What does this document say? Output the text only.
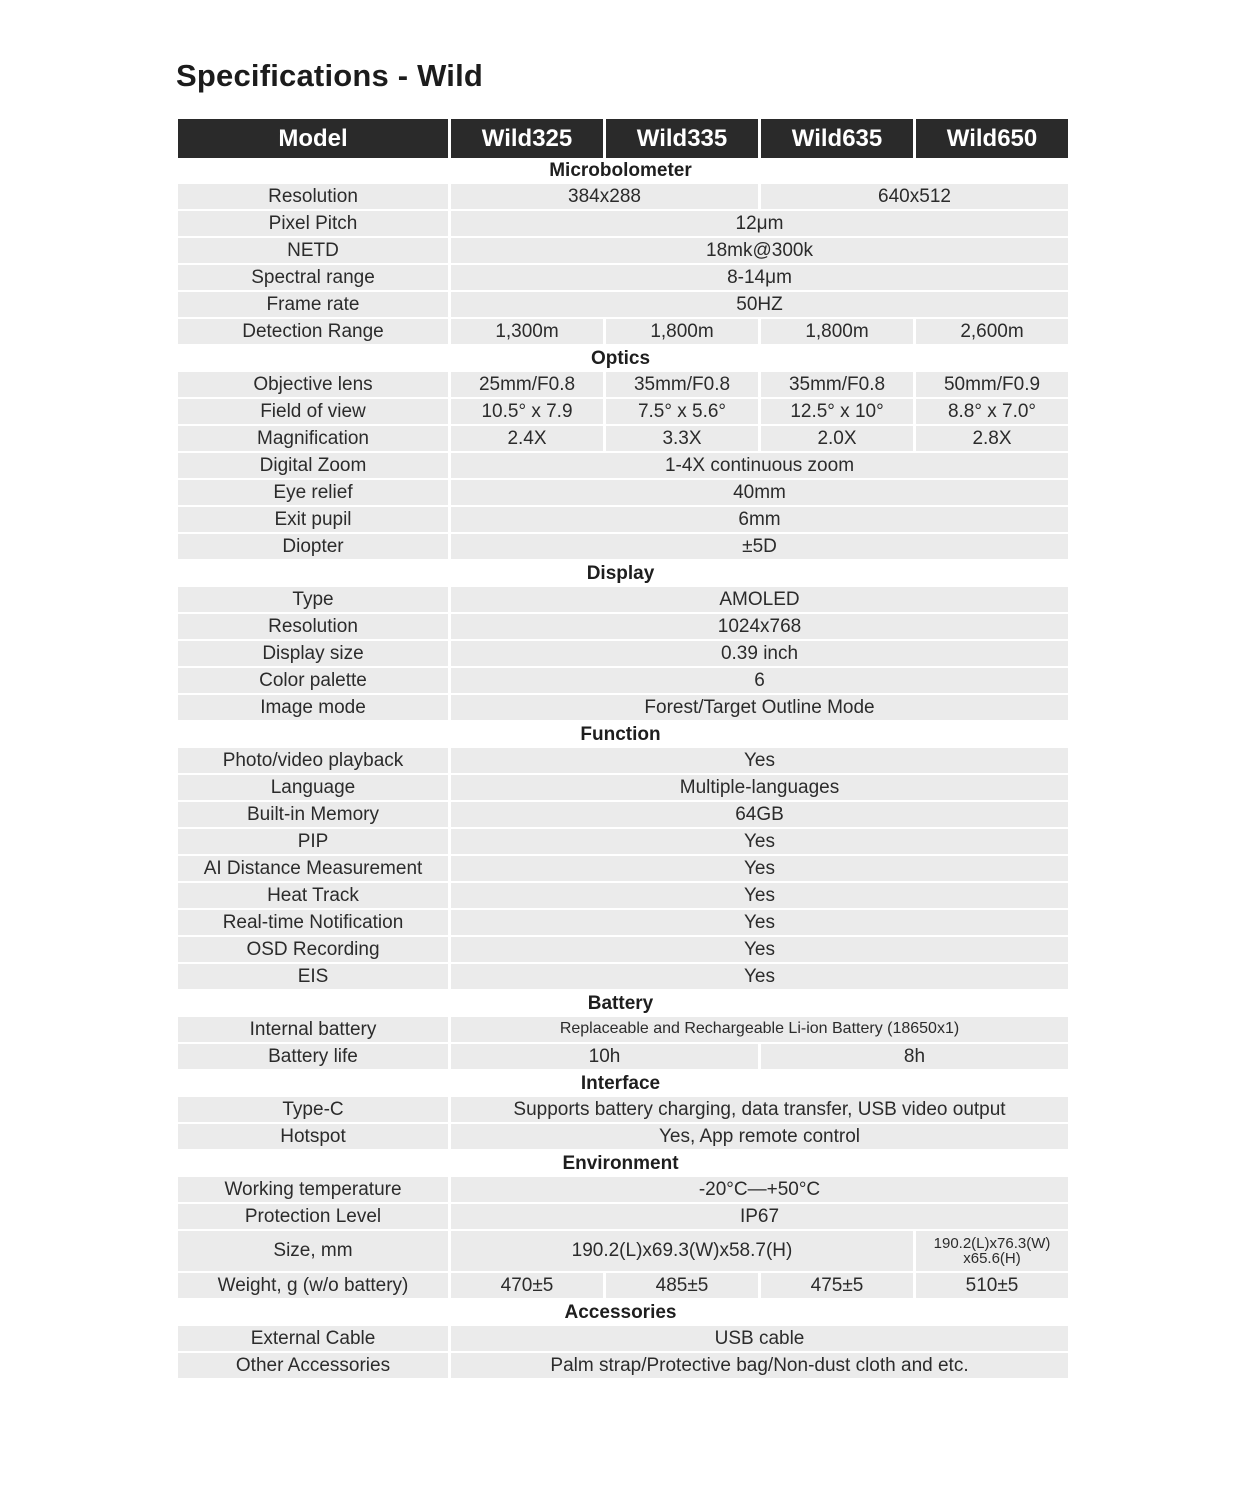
Specifications - Wild
Model	Wild325	Wild335	Wild635	Wild650
Microbolometer
Resolution	384x288	640x512
Pixel Pitch	12μm
NETD	18mk@300k
Spectral range	8-14μm
Frame rate	50HZ
Detection Range	1,300m	1,800m	1,800m	2,600m
Optics
Objective lens	25mm/F0.8	35mm/F0.8	35mm/F0.8	50mm/F0.9
Field of view	10.5° x 7.9	7.5° x 5.6°	12.5° x 10°	8.8° x 7.0°
Magnification	2.4X	3.3X	2.0X	2.8X
Digital Zoom	1-4X continuous zoom
Eye relief	40mm
Exit pupil	6mm
Diopter	±5D
Display
Type	AMOLED
Resolution	1024x768
Display size	0.39 inch
Color palette	6
Image mode	Forest/Target Outline Mode
Function
Photo/video playback	Yes
Language	Multiple-languages
Built-in Memory	64GB
PIP	Yes
AI Distance Measurement	Yes
Heat Track	Yes
Real-time Notification	Yes
OSD Recording	Yes
EIS	Yes
Battery
Internal battery	Replaceable and Rechargeable Li-ion Battery (18650x1)
Battery life	10h	8h
Interface
Type-C	Supports battery charging, data transfer, USB video output
Hotspot	Yes, App remote control
Environment
Working temperature	-20°C—+50°C
Protection Level	IP67
Size, mm	190.2(L)x69.3(W)x58.7(H)	190.2(L)x76.3(W) x65.6(H)
Weight, g (w/o battery)	470±5	485±5	475±5	510±5
Accessories
External Cable	USB cable
Other Accessories	Palm strap/Protective bag/Non-dust cloth and etc.
